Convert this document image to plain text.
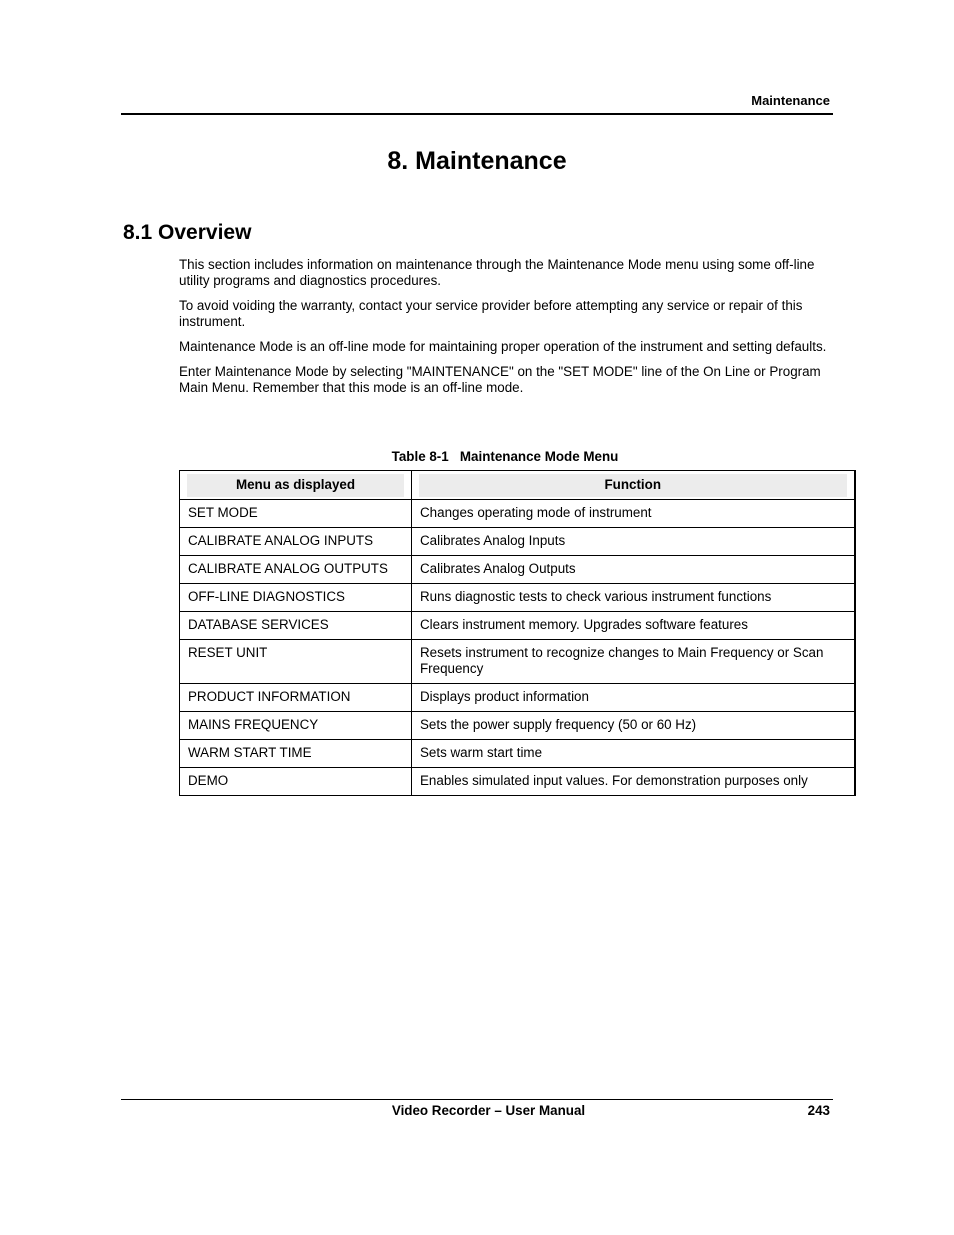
Maintenance
8. Maintenance
8.1 Overview

This section includes information on maintenance through the Maintenance Mode menu using some off-line utility programs and diagnostics procedures.

To avoid voiding the warranty, contact your service provider before attempting any service or repair of this instrument.

Maintenance Mode is an off-line mode for maintaining proper operation of the instrument and setting defaults.

Enter Maintenance Mode by selecting "MAINTENANCE" on the "SET MODE" line of the On Line or Program Main Menu. Remember that this mode is an off-line mode.

Table 8-1   Maintenance Mode Menu
Menu as displayed	Function

SET MODE	Changes operating mode of instrument
CALIBRATE ANALOG INPUTS	Calibrates Analog Inputs
CALIBRATE ANALOG OUTPUTS	Calibrates Analog Outputs
OFF-LINE DIAGNOSTICS	Runs diagnostic tests to check various instrument functions
DATABASE SERVICES	Clears instrument memory. Upgrades software features
RESET UNIT	Resets instrument to recognize changes to Main Frequency or Scan Frequency
PRODUCT INFORMATION	Displays product information
MAINS FREQUENCY	Sets the power supply frequency (50 or 60 Hz)
WARM START TIME	Sets warm start time
DEMO	Enables simulated input values. For demonstration purposes only
Video Recorder – User Manual	243
